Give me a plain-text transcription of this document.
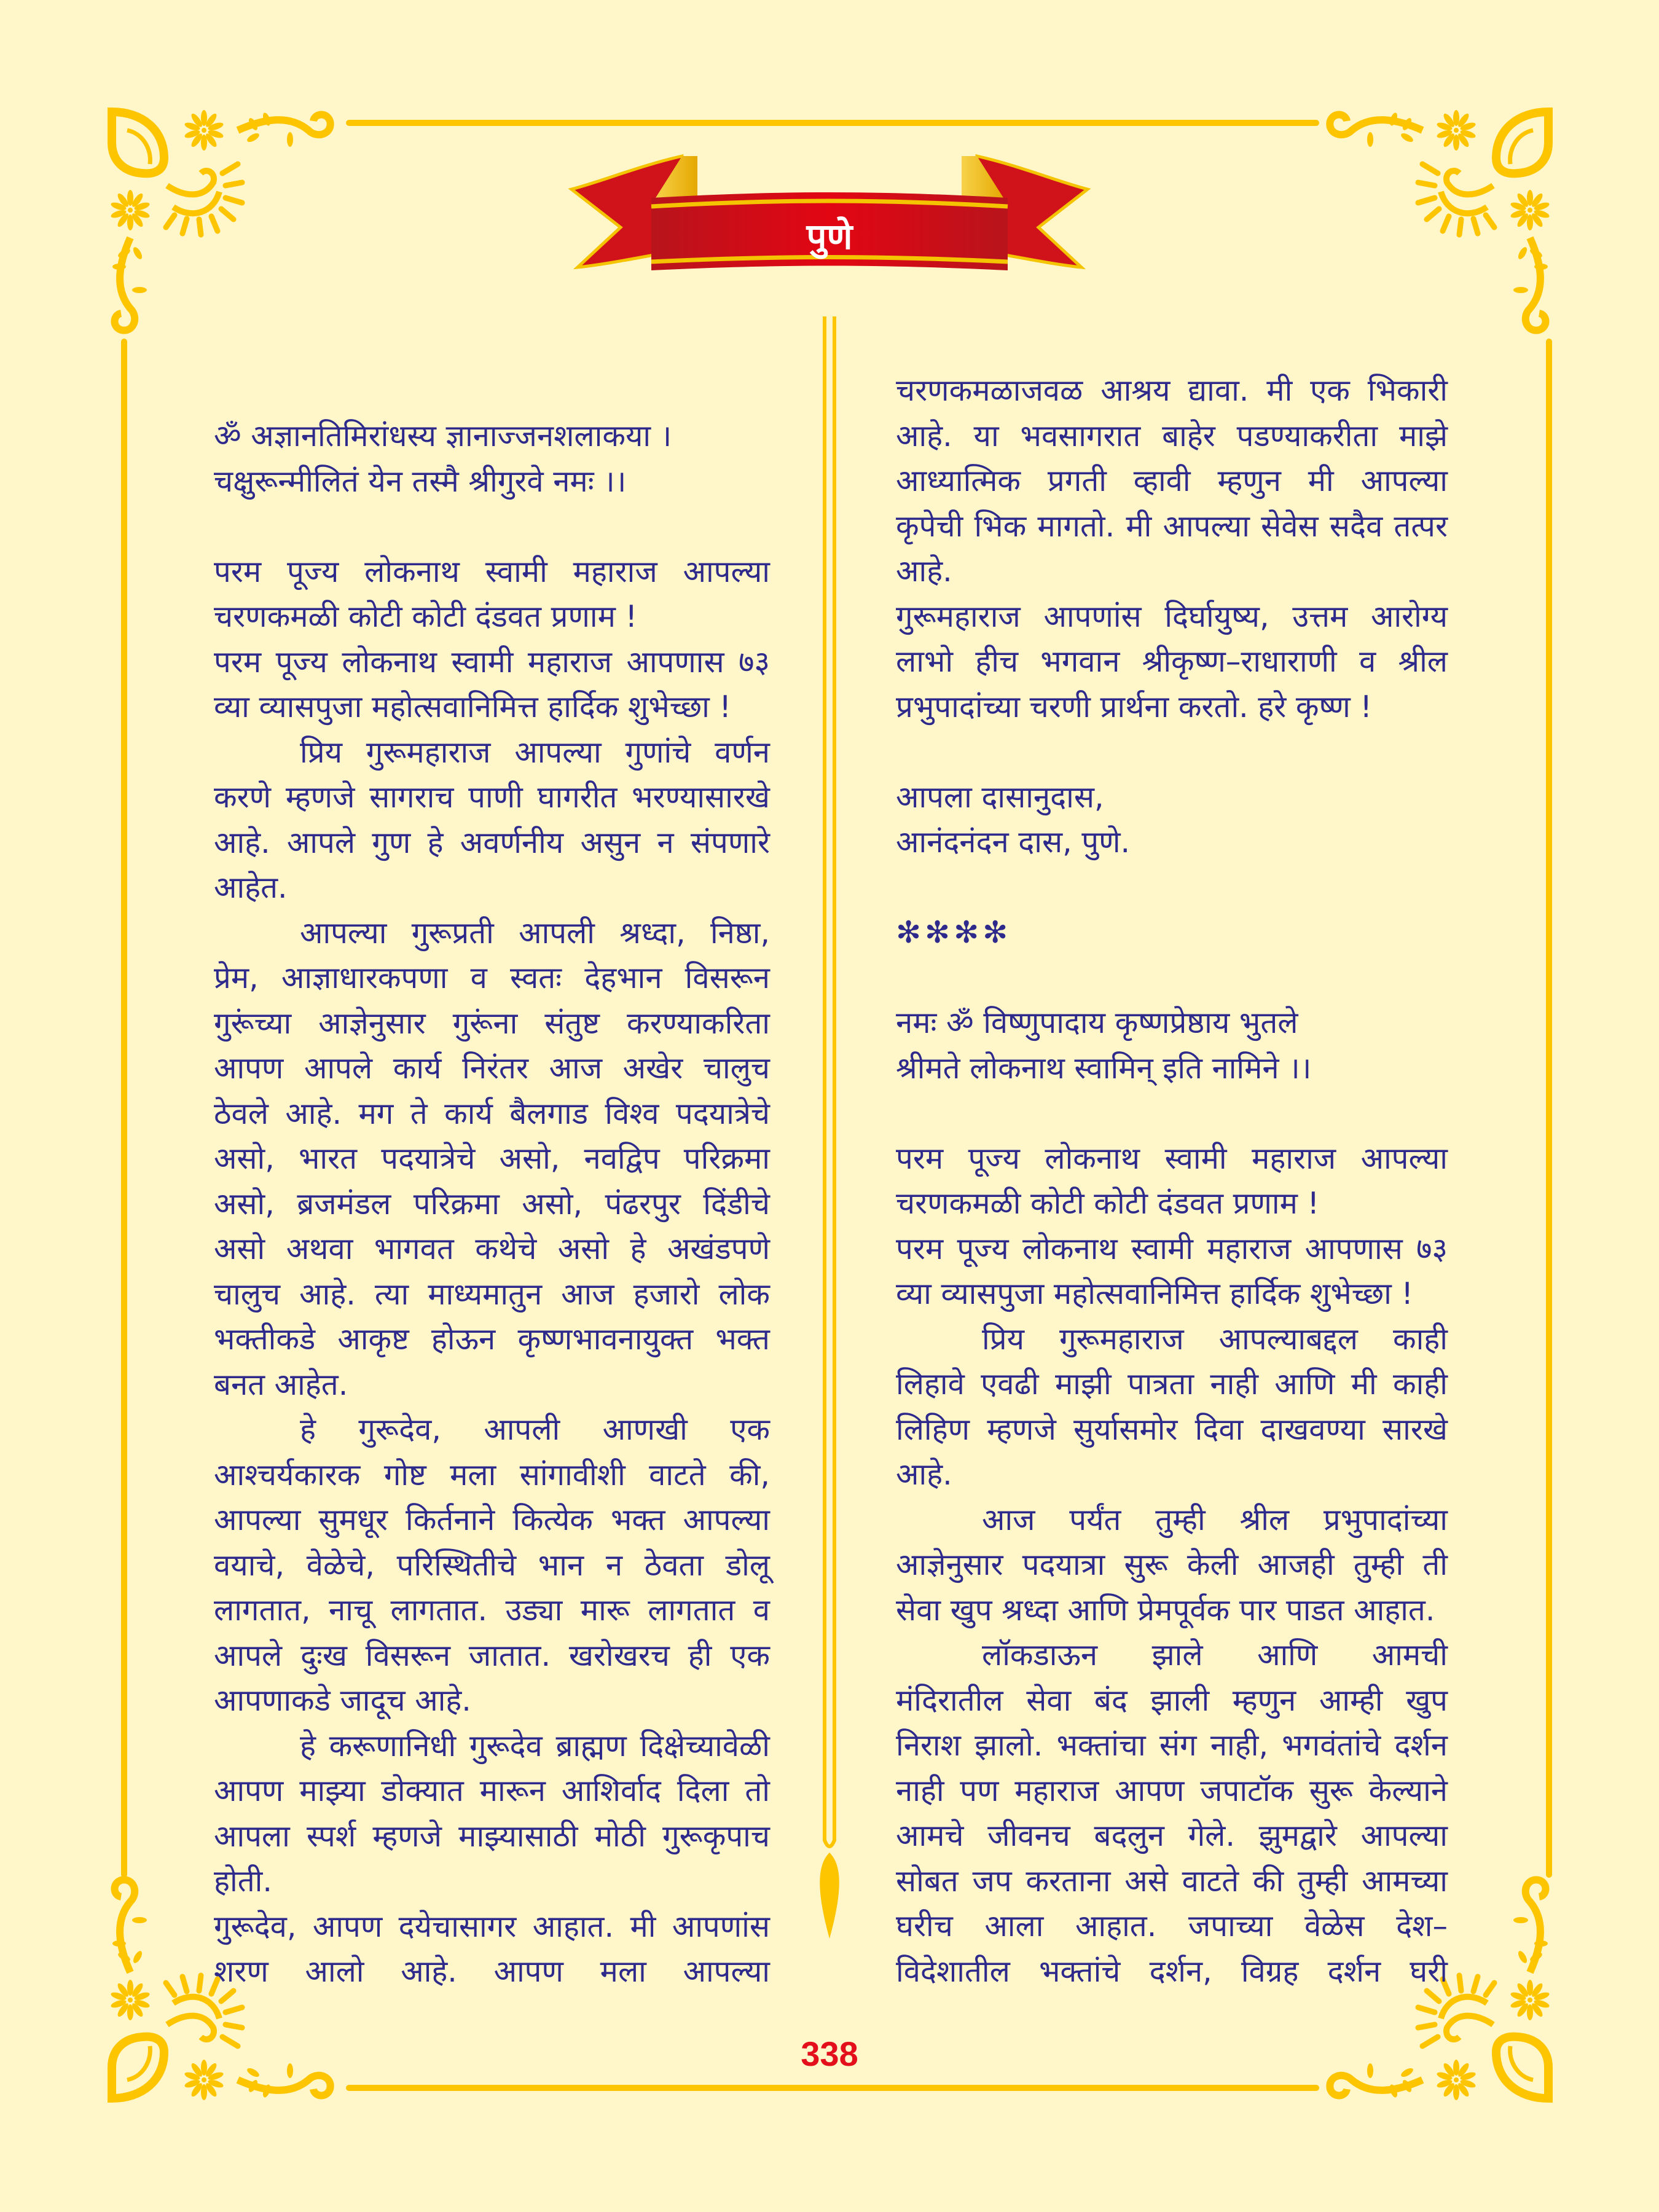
पुणे
ॐ अज्ञानतिमिरांधस्य ज्ञानाज्जनशलाकया ।
चक्षुरून्मीलितं येन तस्मै श्रीगुरवे नमः ।।
परम पूज्य लोकनाथ स्वामी महाराज आपल्या
चरणकमळी कोटी कोटी दंडवत प्रणाम !
परम पूज्य लोकनाथ स्वामी महाराज आपणास ७३
व्या व्यासपुजा महोत्सवानिमित्त हार्दिक शुभेच्छा !
प्रिय गुरूमहाराज आपल्या गुणांचे वर्णन
करणे म्हणजे सागराच पाणी घागरीत भरण्यासारखे
आहे. आपले गुण हे अवर्णनीय असुन न संपणारे
आहेत.
आपल्या गुरूप्रती आपली श्रध्दा, निष्ठा,
प्रेम, आज्ञाधारकपणा व स्वतः देहभान विसरून
गुरूंच्या आज्ञेनुसार गुरूंना संतुष्ट करण्याकरिता
आपण आपले कार्य निरंतर आज अखेर चालुच
ठेवले आहे. मग ते कार्य बैलगाड विश्व पदयात्रेचे
असो, भारत पदयात्रेचे असो, नवद्विप परिक्रमा
असो, ब्रजमंडल परिक्रमा असो, पंढरपुर दिंडीचे
असो अथवा भागवत कथेचे असो हे अखंडपणे
चालुच आहे. त्या माध्यमातुन आज हजारो लोक
भक्तीकडे आकृष्ट होऊन कृष्णभावनायुक्त भक्त
बनत आहेत.
हे गुरूदेव, आपली आणखी एक
आश्चर्यकारक गोष्ट मला सांगावीशी वाटते की,
आपल्या सुमधूर किर्तनाने कित्येक भक्त आपल्या
वयाचे, वेळेचे, परिस्थितीचे भान न ठेवता डोलू
लागतात, नाचू लागतात. उड्या मारू लागतात व
आपले दुःख विसरून जातात. खरोखरच ही एक
आपणाकडे जादूच आहे.
हे करूणानिधी गुरूदेव ब्राह्मण दिक्षेच्यावेळी
आपण माझ्या डोक्यात मारून आशिर्वाद दिला तो
आपला स्पर्श म्हणजे माझ्यासाठी मोठी गुरूकृपाच
होती.
गुरूदेव, आपण दयेचासागर आहात. मी आपणांस
शरण आलो आहे. आपण मला आपल्या
चरणकमळाजवळ आश्रय द्यावा. मी एक भिकारी
आहे. या भवसागरात बाहेर पडण्याकरीता माझे
आध्यात्मिक प्रगती व्हावी म्हणुन मी आपल्या
कृपेची भिक मागतो. मी आपल्या सेवेस सदैव तत्पर
आहे.
गुरूमहाराज आपणांस दिर्घायुष्य, उत्तम आरोग्य
लाभो हीच भगवान श्रीकृष्ण–राधाराणी व श्रील
प्रभुपादांच्या चरणी प्रार्थना करतो. हरे कृष्ण !
आपला दासानुदास,
आनंदनंदन दास, पुणे.
✻✻✻✻
नमः ॐ विष्णुपादाय कृष्णप्रेष्ठाय भुतले
श्रीमते लोकनाथ स्वामिन् इति नामिने ।।
परम पूज्य लोकनाथ स्वामी महाराज आपल्या
चरणकमळी कोटी कोटी दंडवत प्रणाम !
परम पूज्य लोकनाथ स्वामी महाराज आपणास ७३
व्या व्यासपुजा महोत्सवानिमित्त हार्दिक शुभेच्छा !
प्रिय गुरूमहाराज आपल्याबद्दल काही
लिहावे एवढी माझी पात्रता नाही आणि मी काही
लिहिण म्हणजे सुर्यासमोर दिवा दाखवण्या सारखे
आहे.
आज पर्यंत तुम्ही श्रील प्रभुपादांच्या
आज्ञेनुसार पदयात्रा सुरू केली आजही तुम्ही ती
सेवा खुप श्रध्दा आणि प्रेमपूर्वक पार पाडत आहात.
लॉकडाऊन झाले आणि आमची
मंदिरातील सेवा बंद झाली म्हणुन आम्ही खुप
निराश झालो. भक्तांचा संग नाही, भगवंतांचे दर्शन
नाही पण महाराज आपण जपाटॉक सुरू केल्याने
आमचे जीवनच बदलुन गेले. झुमद्वारे आपल्या
सोबत जप करताना असे वाटते की तुम्ही आमच्या
घरीच आला आहात. जपाच्या वेळेस देश–
विदेशातील भक्तांचे दर्शन, विग्रह दर्शन घरी
338
